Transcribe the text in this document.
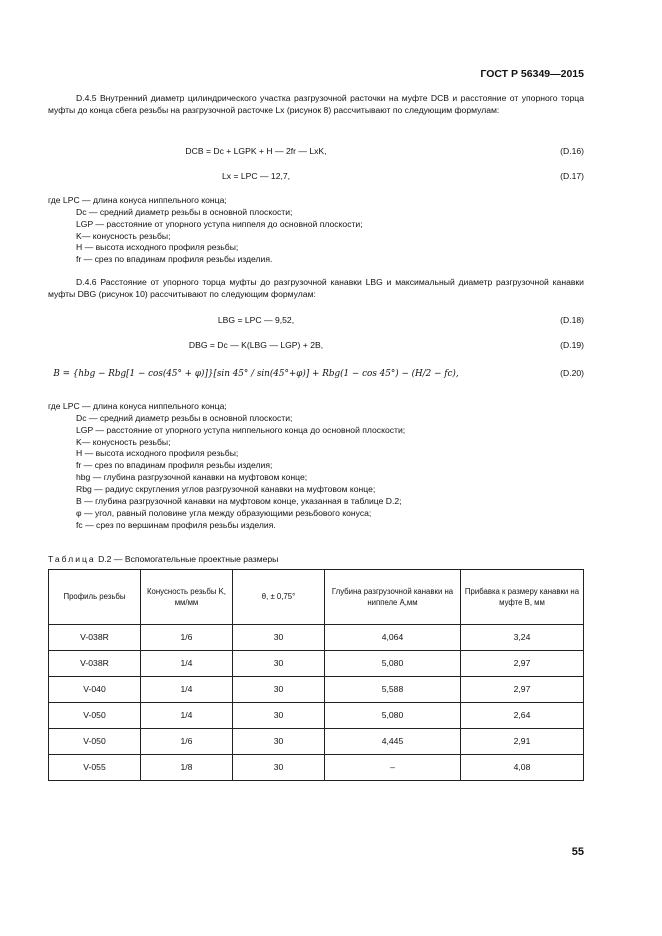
ГОСТ Р 56349—2015
D.4.5 Внутренний диаметр цилиндрического участка разгрузочной расточки на муфте DCB и расстояние от упорного торца муфты до конца сбега резьбы на разгрузочной расточке Lx (рисунок 8) рассчитывают по следующим формулам:
DCB = Dc + LGPK + H — 2fr — LxK,	(D.16)
Lx = LPC — 12,7,	(D.17)
где LPC — длина конуса ниппельного конца;
Dc — средний диаметр резьбы в основной плоскости;
LGP — расстояние от упорного уступа ниппеля до основной плоскости;
K— конусность резьбы;
H — высота исходного профиля резьбы;
fr — срез по впадинам профиля резьбы изделия.
D.4.6 Расстояние от упорного торца муфты до разгрузочной канавки LBG и максимальный диаметр разгрузочной канавки муфты DBG (рисунок 10) рассчитывают по следующим формулам:
LBG = LPC — 9,52,	(D.18)
DBG = Dc — K(LBG — LGP) + 2B,	(D.19)
B = {hbg − Rbg[1 − cos(45° + φ)]}[sin 45° / sin(45°+φ)] + Rbg(1 − cos 45°) − (H/2 − fc),	(D.20)
где LPC — длина конуса ниппельного конца;
Dc — средний диаметр резьбы в основной плоскости;
LGP — расстояние от упорного уступа ниппельного конца до основной плоскости;
K— конусность резьбы;
H — высота исходного профиля резьбы;
fr — срез по впадинам профиля резьбы изделия;
hbg — глубина разгрузочной канавки на муфтовом конце;
Rbg — радиус скругления углов разгрузочной канавки на муфтовом конце;
B — глубина разгрузочной канавки на муфтовом конце, указанная в таблице D.2;
φ — угол, равный половине угла между образующими резьбового конуса;
fc — срез по вершинам профиля резьбы изделия.
Таблица D.2 — Вспомогательные проектные размеры
Профиль резьбы	Конусность резьбы K, мм/мм	θ, ± 0,75°	Глубина разгрузочной канавки на ниппеле A,мм	Прибавка к размеру канавки на муфте B, мм
V-038R	1/6	30	4,064	3,24
V-038R	1/4	30	5,080	2,97
V-040	1/4	30	5,588	2,97
V-050	1/4	30	5,080	2,64
V-050	1/6	30	4,445	2,91
V-055	1/8	30	–	4,08
55
